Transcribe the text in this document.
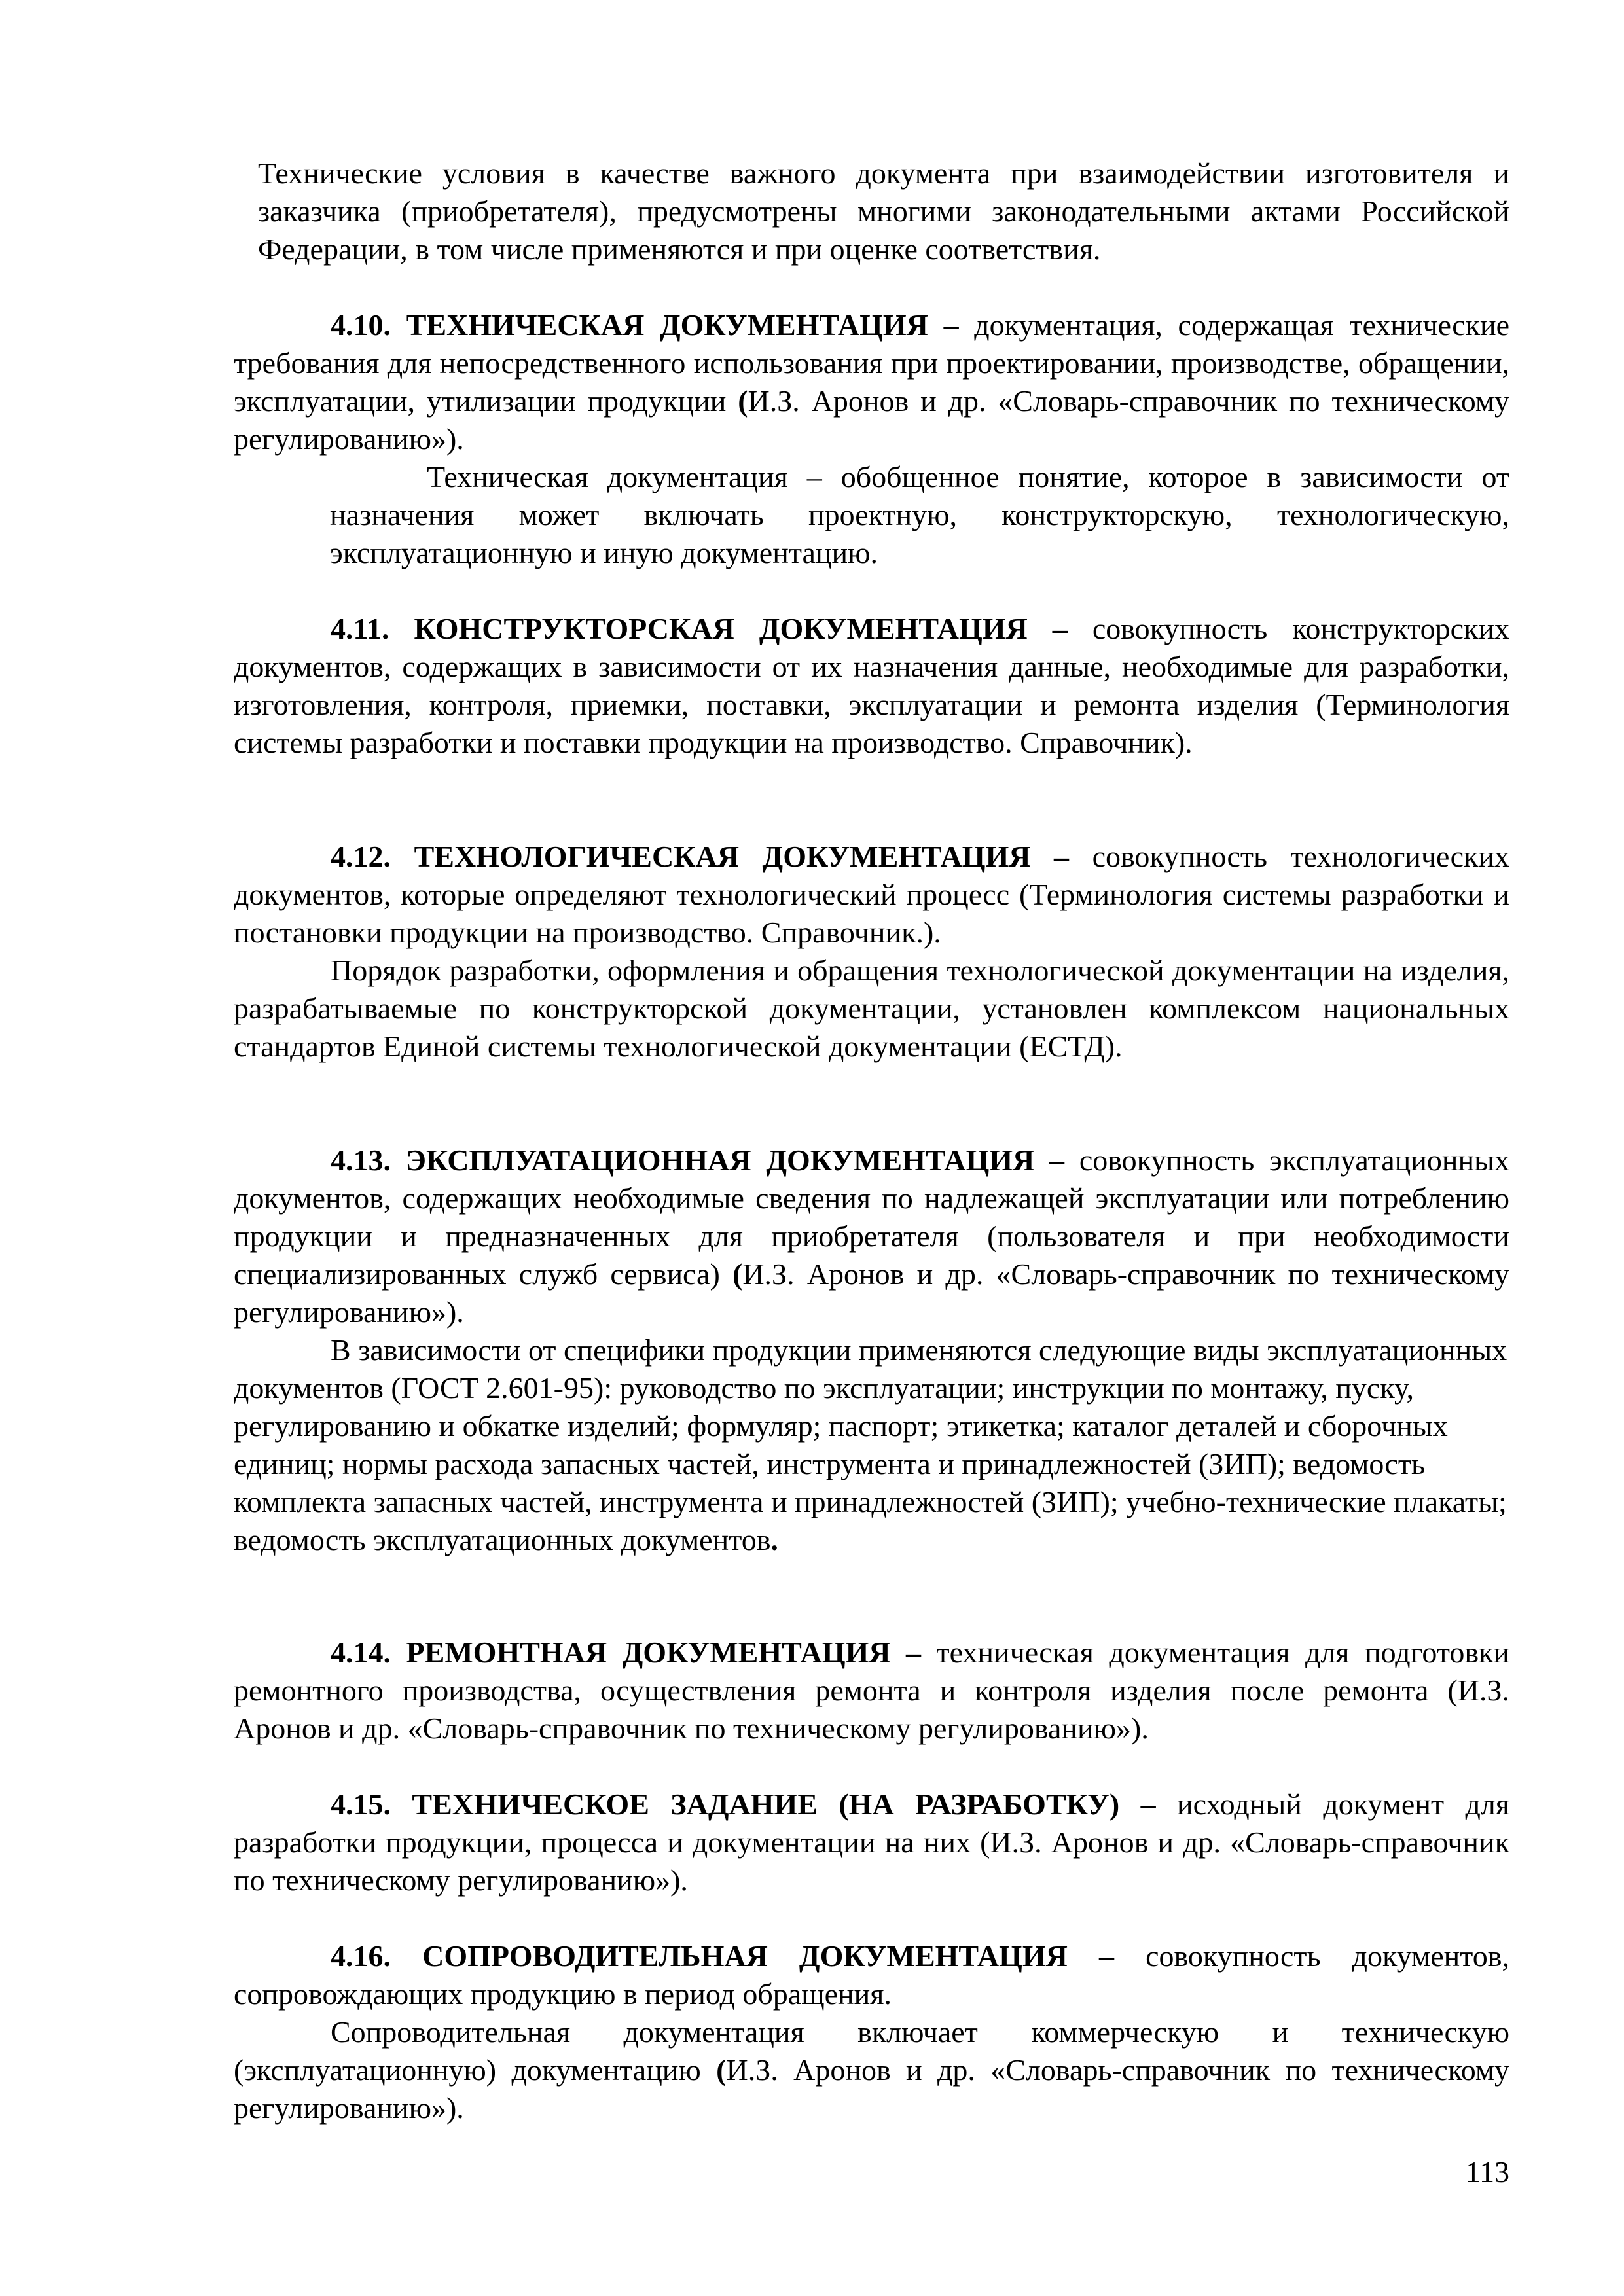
Технические условия в качестве важного документа при взаимодействии изготовителя и заказчика (приобретателя), предусмотрены многими законодательными актами Российской Федерации, в том числе применяются и при оценке соответствия.

4.10. ТЕХНИЧЕСКАЯ ДОКУМЕНТАЦИЯ – документация, содержащая технические требования для непосредственного использования при проектировании, производстве, обращении, эксплуатации, утилизации продукции (И.З. Аронов и др. «Словарь-справочник по техническому регулированию»).

Техническая документация – обобщенное понятие, которое в зависимости от назначения может включать проектную, конструкторскую, технологическую, эксплуатационную и иную документацию.

4.11. КОНСТРУКТОРСКАЯ ДОКУМЕНТАЦИЯ – совокупность конструкторских документов, содержащих в зависимости от их назначения данные, необходимые для разработки, изготовления, контроля, приемки, поставки, эксплуатации и ремонта изделия (Терминология системы разработки и поставки продукции на производство. Справочник).

4.12. ТЕХНОЛОГИЧЕСКАЯ ДОКУМЕНТАЦИЯ – совокупность технологических документов, которые определяют технологический процесс (Терминология системы разработки и постановки продукции на производство. Справочник.).

Порядок разработки, оформления и обращения технологической документации на изделия, разрабатываемые по конструкторской документации, установлен комплексом национальных стандартов Единой системы технологической документации (ЕСТД).

4.13. ЭКСПЛУАТАЦИОННАЯ ДОКУМЕНТАЦИЯ – совокупность эксплуатационных документов, содержащих необходимые сведения по надлежащей эксплуатации или потреблению продукции и предназначенных для приобретателя (пользователя и при необходимости специализированных служб сервиса) (И.З. Аронов и др. «Словарь-справочник по техническому регулированию»).

В зависимости от специфики продукции применяются следующие виды эксплуатационных документов (ГОСТ 2.601-95): руководство по эксплуатации; инструкции по монтажу, пуску, регулированию и обкатке изделий; формуляр; паспорт; этикетка; каталог деталей и сборочных единиц; нормы расхода запасных частей, инструмента и принадлежностей (ЗИП); ведомость комплекта запасных частей, инструмента и принадлежностей (ЗИП); учебно-технические плакаты; ведомость эксплуатационных документов.

4.14. РЕМОНТНАЯ ДОКУМЕНТАЦИЯ – техническая документация для подготовки ремонтного производства, осуществления ремонта и контроля изделия после ремонта (И.З. Аронов и др. «Словарь-справочник по техническому регулированию»).

4.15. ТЕХНИЧЕСКОЕ ЗАДАНИЕ (НА РАЗРАБОТКУ) – исходный документ для разработки продукции, процесса и документации на них (И.З. Аронов и др. «Словарь-справочник по техническому регулированию»).

4.16. СОПРОВОДИТЕЛЬНАЯ ДОКУМЕНТАЦИЯ – совокупность документов, сопровождающих продукцию в период обращения.

Сопроводительная документация включает коммерческую и техническую (эксплуатационную) документацию (И.З. Аронов и др. «Словарь-справочник по техническому регулированию»).

113
